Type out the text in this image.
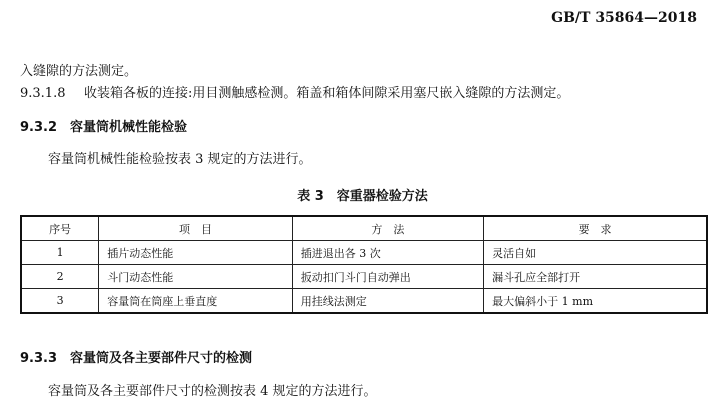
GB/T 35864—2018
入缝隙的方法测定。
9.3.1.8 收装箱各板的连接:用目测触感检测。箱盖和箱体间隙采用塞尺嵌入缝隙的方法测定。
9.3.2 容量筒机械性能检验
容量筒机械性能检验按表 3 规定的方法进行。
表 3　容重器检验方法
序号	项　目	方　法	要　求
1	插片动态性能	插进退出各 3 次	灵活自如
2	斗门动态性能	扳动扣门斗门自动弹出	漏斗孔应全部打开
3	容量筒在筒座上垂直度	用挂线法测定	最大偏斜小于 1 mm
9.3.3 容量筒及各主要部件尺寸的检测
容量筒及各主要部件尺寸的检测按表 4 规定的方法进行。
